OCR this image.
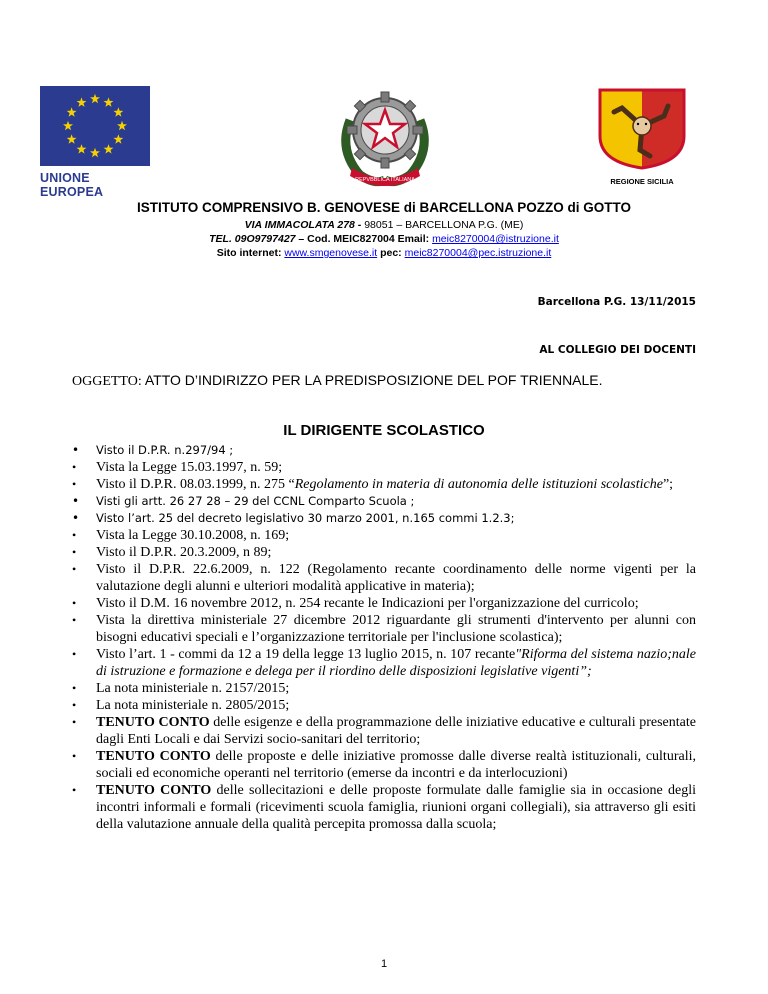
UNIONE EUROPEA
REPVBBLICA ITALIANA	REGIONE SICILIA
ISTITUTO COMPRENSIVO B. GENOVESE di BARCELLONA POZZO di GOTTO
VIA IMMACOLATA 278 - 98051 – BARCELLONA P.G. (ME)
TEL. 09O9797427 – Cod. MEIC827004 Email: meic8270004@istruzione.it
Sito internet: www.smgenovese.it pec: meic8270004@pec.istruzione.it
Barcellona P.G. 13/11/2015
AL COLLEGIO DEI DOCENTI
OGGETTO: ATTO D’INDIRIZZO PER LA PREDISPOSIZIONE DEL POF TRIENNALE.
IL DIRIGENTE SCOLASTICO
• Visto il D.P.R. n.297/94 ;
• Vista la Legge 15.03.1997, n. 59;
• Visto il D.P.R. 08.03.1999, n. 275 “Regolamento in materia di autonomia delle istituzioni scolastiche”;
• Visti gli artt. 26 27 28 – 29 del CCNL Comparto Scuola ;
• Visto l’art. 25 del decreto legislativo 30 marzo 2001, n.165 commi 1.2.3;
• Vista la Legge 30.10.2008, n. 169;
• Visto il D.P.R. 20.3.2009, n 89;
• Visto il D.P.R. 22.6.2009, n. 122 (Regolamento recante coordinamento delle norme vigenti per la valutazione degli alunni e ulteriori modalità applicative in materia);
• Visto il D.M. 16 novembre 2012, n. 254 recante le Indicazioni per l'organizzazione del curricolo;
• Vista la direttiva ministeriale 27 dicembre 2012 riguardante gli strumenti d'intervento per alunni con bisogni educativi speciali e l’organizzazione territoriale per l'inclusione scolastica);
• Visto l’art. 1 - commi da 12 a 19 della legge 13 luglio 2015, n. 107 recante"Riforma del sistema nazio;nale di istruzione e formazione e delega per il riordino delle disposizioni legislative vigenti”;
• La nota ministeriale n. 2157/2015;
• La nota ministeriale n. 2805/2015;
• TENUTO CONTO delle esigenze e della programmazione delle iniziative educative e culturali presentate dagli Enti Locali e dai Servizi socio-sanitari del territorio;
• TENUTO CONTO delle proposte e delle iniziative promosse dalle diverse realtà istituzionali, culturali, sociali ed economiche operanti nel territorio (emerse da incontri e da interlocuzioni)
• TENUTO CONTO delle sollecitazioni e delle proposte formulate dalle famiglie sia in occasione degli incontri informali e formali (ricevimenti scuola famiglia, riunioni organi collegiali), sia attraverso gli esiti della valutazione annuale della qualità percepita promossa dalla scuola;
1
